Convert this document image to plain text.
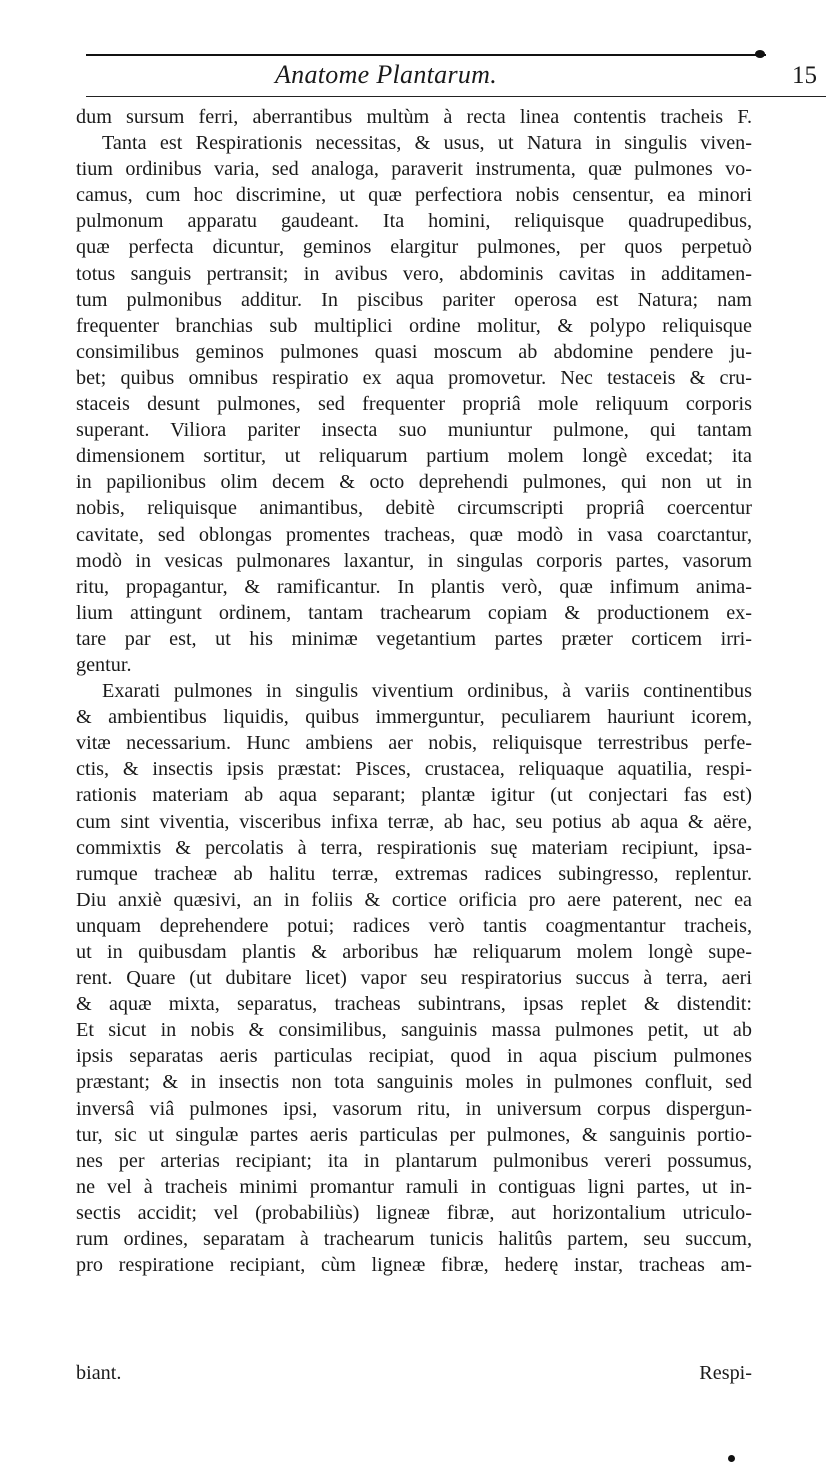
Anatome Plantarum.	15
dum sursum ferri, aberrantibus multùm à recta linea contentis tracheis F.
Tanta est Respirationis necessitas, & usus, ut Natura in singulis viven-
tium ordinibus varia, sed analoga, paraverit instrumenta, quæ pulmones vo-
camus, cum hoc discrimine, ut quæ perfectiora nobis censentur, ea minori
pulmonum apparatu gaudeant. Ita homini, reliquisque quadrupedibus,
quæ perfecta dicuntur, geminos elargitur pulmones, per quos perpetuò
totus sanguis pertransit; in avibus vero, abdominis cavitas in additamen-
tum pulmonibus additur. In piscibus pariter operosa est Natura; nam
frequenter branchias sub multiplici ordine molitur, & polypo reliquisque
consimilibus geminos pulmones quasi moscum ab abdomine pendere ju-
bet; quibus omnibus respiratio ex aqua promovetur. Nec testaceis & cru-
staceis desunt pulmones, sed frequenter propriâ mole reliquum corporis
superant. Viliora pariter insecta suo muniuntur pulmone, qui tantam
dimensionem sortitur, ut reliquarum partium molem longè excedat; ita
in papilionibus olim decem & octo deprehendi pulmones, qui non ut in
nobis, reliquisque animantibus, debitè circumscripti propriâ coercentur
cavitate, sed oblongas promentes tracheas, quæ modò in vasa coarctantur,
modò in vesicas pulmonares laxantur, in singulas corporis partes, vasorum
ritu, propagantur, & ramificantur. In plantis verò, quæ infimum anima-
lium attingunt ordinem, tantam trachearum copiam & productionem ex-
tare par est, ut his minimæ vegetantium partes præter corticem irri-
gentur.
Exarati pulmones in singulis viventium ordinibus, à variis continentibus
& ambientibus liquidis, quibus immerguntur, peculiarem hauriunt icorem,
vitæ necessarium. Hunc ambiens aer nobis, reliquisque terrestribus perfe-
ctis, & insectis ipsis præstat: Pisces, crustacea, reliquaque aquatilia, respi-
rationis materiam ab aqua separant; plantæ igitur (ut conjectari fas est)
cum sint viventia, visceribus infixa terræ, ab hac, seu potius ab aqua & aëre,
commixtis & percolatis à terra, respirationis suę materiam recipiunt, ipsa-
rumque tracheæ ab halitu terræ, extremas radices subingresso, replentur.
Diu anxiè quæsivi, an in foliis & cortice orificia pro aere paterent, nec ea
unquam deprehendere potui; radices verò tantis coagmentantur tracheis,
ut in quibusdam plantis & arboribus hæ reliquarum molem longè supe-
rent. Quare (ut dubitare licet) vapor seu respiratorius succus à terra, aeri
& aquæ mixta, separatus, tracheas subintrans, ipsas replet & distendit:
Et sicut in nobis & consimilibus, sanguinis massa pulmones petit, ut ab
ipsis separatas aeris particulas recipiat, quod in aqua piscium pulmones
præstant; & in insectis non tota sanguinis moles in pulmones confluit, sed
inversâ viâ pulmones ipsi, vasorum ritu, in universum corpus dispergun-
tur, sic ut singulæ partes aeris particulas per pulmones, & sanguinis portio-
nes per arterias recipiant; ita in plantarum pulmonibus vereri possumus,
ne vel à tracheis minimi promantur ramuli in contiguas ligni partes, ut in-
sectis accidit; vel (probabiliùs) ligneæ fibræ, aut horizontalium utriculo-
rum ordines, separatam à trachearum tunicis halitûs partem, seu succum,
pro respiratione recipiant, cùm ligneæ fibræ, hederę instar, tracheas am-
biant.	Respi-
